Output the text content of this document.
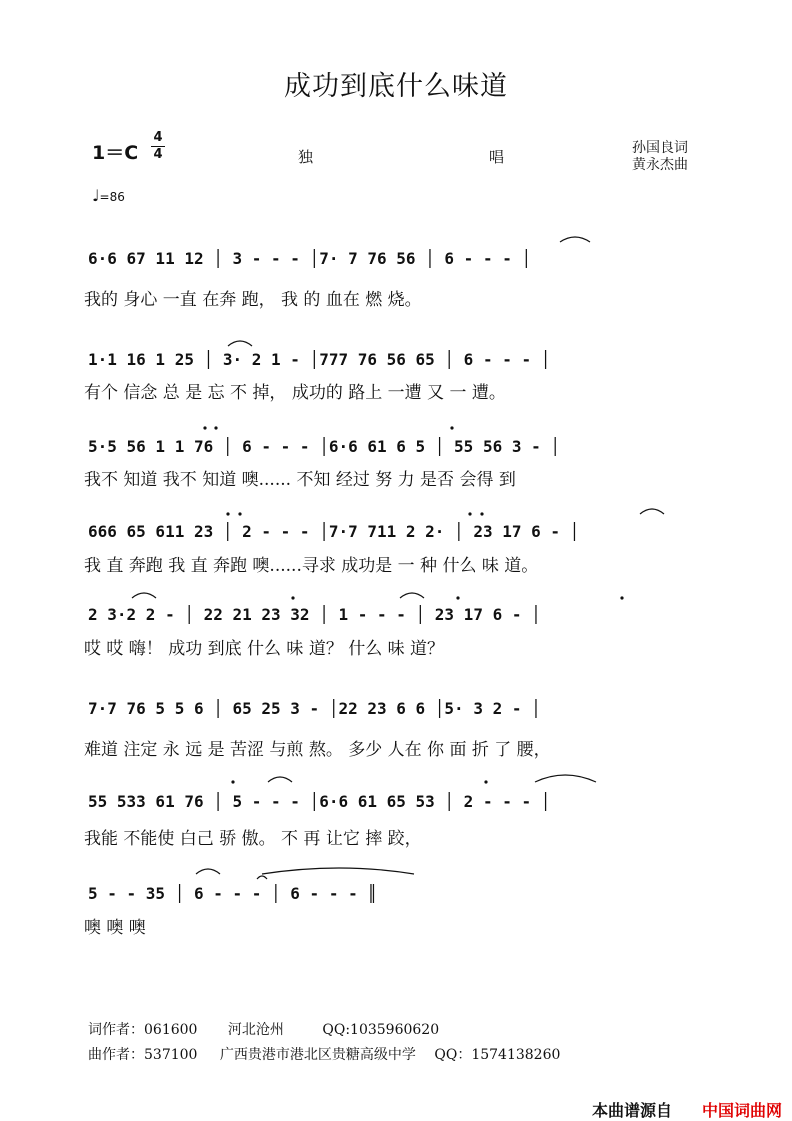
成功到底什么味道
1＝C
4
4	独	唱	孙国良词
黄永杰曲
♩=86
6·6 67 11 12 │ 3 - - - │7· 7 76 56 │ 6 - - - │
我的 身心 一直 在奔 跑， 我 的 血在 燃 烧。
1·1 16 1 25 │ 3· 2 1 - │777 76 56 65 │ 6 - - - │
有个 信念 总 是 忘 不 掉， 成功的 路上 一遭 又 一 遭。
5·5 56 1 1 76 │ 6 - - - │6·6 61 6 5 │ 55 56 3 - │
我不 知道 我不 知道 噢...... 不知 经过 努 力 是否 会得 到
666 65 611 23 │ 2 - - - │7·7 711 2 2· │ 23 17 6 - │
我 直 奔跑 我 直 奔跑 噢......寻求 成功是 一 种 什么 味 道。
2 3·2 2 - │ 22 21 23 32 │ 1 - - - │ 23 17 6 - │
哎 哎 嗨！ 成功 到底 什么 味 道？ 什么 味 道？
7·7 76 5 5 6 │ 65 25 3 - │22 23 6 6 │5· 3 2 - │
难道 注定 永 远 是 苦涩 与煎 熬。 多少 人在 你 面 折 了 腰，
55 533 61 76 │ 5 - - - │6·6 61 65 53 │ 2 - - - │
我能 不能使 白己 骄 傲。 不 再 让它 摔 跤，
5 - - 35 │ 6 - - - │ 6 - - - ║
噢 噢 噢
词作者：061600 河北沧州	QQ:1035960620
曲作者：537100 广西贵港市港北区贵糖高级中学 QQ：1574138260
本曲谱源自 中国词曲网
